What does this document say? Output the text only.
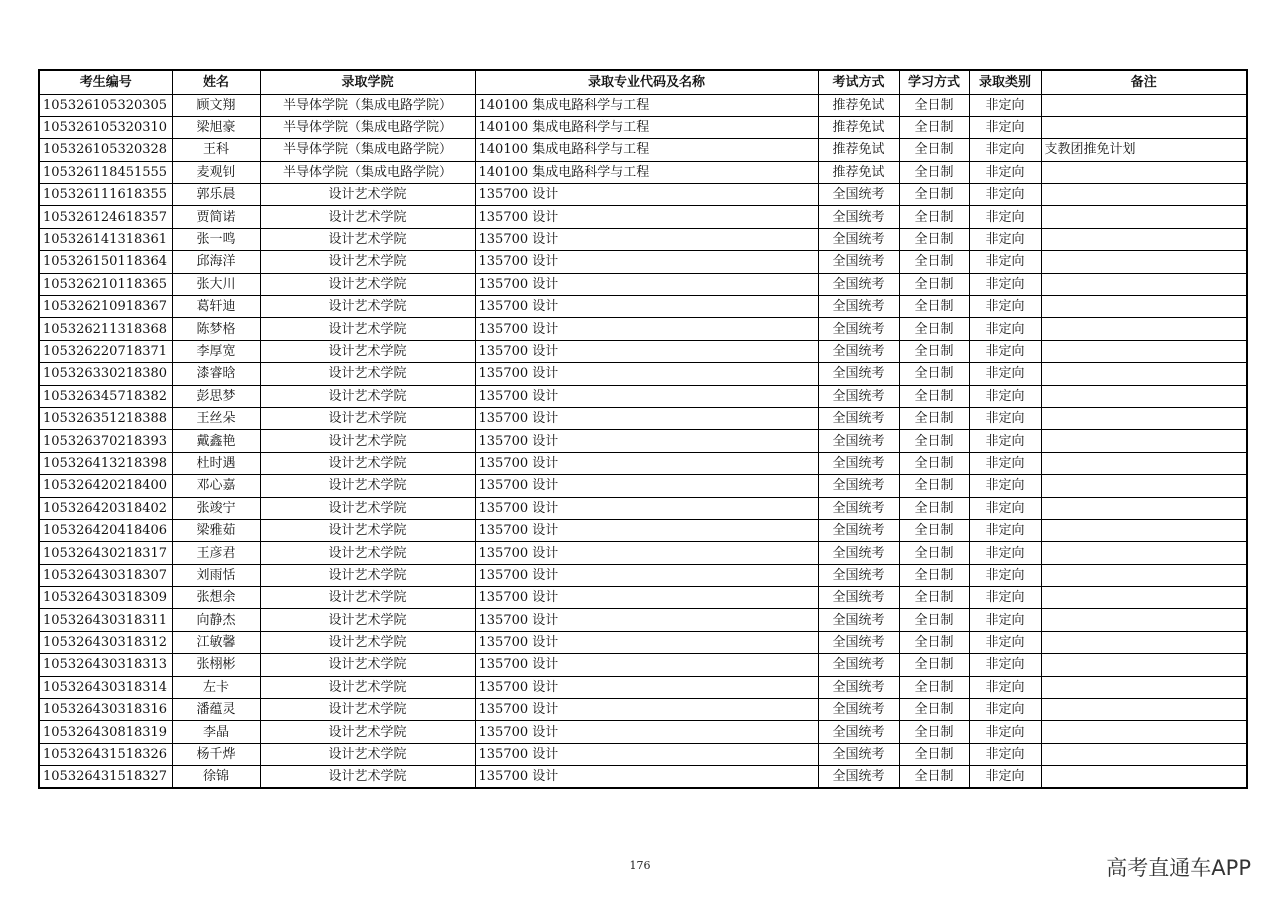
考生编号	姓名	录取学院	录取专业代码及名称	考试方式	学习方式	录取类别	备注
105326105320305	顾文翔	半导体学院（集成电路学院）	140100 集成电路科学与工程	推荐免试	全日制	非定向	
105326105320310	梁旭豪	半导体学院（集成电路学院）	140100 集成电路科学与工程	推荐免试	全日制	非定向	
105326105320328	王科	半导体学院（集成电路学院）	140100 集成电路科学与工程	推荐免试	全日制	非定向	支教团推免计划
105326118451555	麦观钊	半导体学院（集成电路学院）	140100 集成电路科学与工程	推荐免试	全日制	非定向	
105326111618355	郭乐晨	设计艺术学院	135700 设计	全国统考	全日制	非定向	
105326124618357	贾简诺	设计艺术学院	135700 设计	全国统考	全日制	非定向	
105326141318361	张一鸣	设计艺术学院	135700 设计	全国统考	全日制	非定向	
105326150118364	邱海洋	设计艺术学院	135700 设计	全国统考	全日制	非定向	
105326210118365	张大川	设计艺术学院	135700 设计	全国统考	全日制	非定向	
105326210918367	葛轩迪	设计艺术学院	135700 设计	全国统考	全日制	非定向	
105326211318368	陈梦格	设计艺术学院	135700 设计	全国统考	全日制	非定向	
105326220718371	李厚宽	设计艺术学院	135700 设计	全国统考	全日制	非定向	
105326330218380	漆睿晗	设计艺术学院	135700 设计	全国统考	全日制	非定向	
105326345718382	彭思梦	设计艺术学院	135700 设计	全国统考	全日制	非定向	
105326351218388	王丝朵	设计艺术学院	135700 设计	全国统考	全日制	非定向	
105326370218393	戴鑫艳	设计艺术学院	135700 设计	全国统考	全日制	非定向	
105326413218398	杜时遇	设计艺术学院	135700 设计	全国统考	全日制	非定向	
105326420218400	邓心嘉	设计艺术学院	135700 设计	全国统考	全日制	非定向	
105326420318402	张竣宁	设计艺术学院	135700 设计	全国统考	全日制	非定向	
105326420418406	梁雅茹	设计艺术学院	135700 设计	全国统考	全日制	非定向	
105326430218317	王彦君	设计艺术学院	135700 设计	全国统考	全日制	非定向	
105326430318307	刘雨恬	设计艺术学院	135700 设计	全国统考	全日制	非定向	
105326430318309	张想余	设计艺术学院	135700 设计	全国统考	全日制	非定向	
105326430318311	向静杰	设计艺术学院	135700 设计	全国统考	全日制	非定向	
105326430318312	江敏馨	设计艺术学院	135700 设计	全国统考	全日制	非定向	
105326430318313	张栩彬	设计艺术学院	135700 设计	全国统考	全日制	非定向	
105326430318314	左卡	设计艺术学院	135700 设计	全国统考	全日制	非定向	
105326430318316	潘蕴灵	设计艺术学院	135700 设计	全国统考	全日制	非定向	
105326430818319	李晶	设计艺术学院	135700 设计	全国统考	全日制	非定向	
105326431518326	杨千烨	设计艺术学院	135700 设计	全国统考	全日制	非定向	
105326431518327	徐锦	设计艺术学院	135700 设计	全国统考	全日制	非定向	
176	高考直通车APP
